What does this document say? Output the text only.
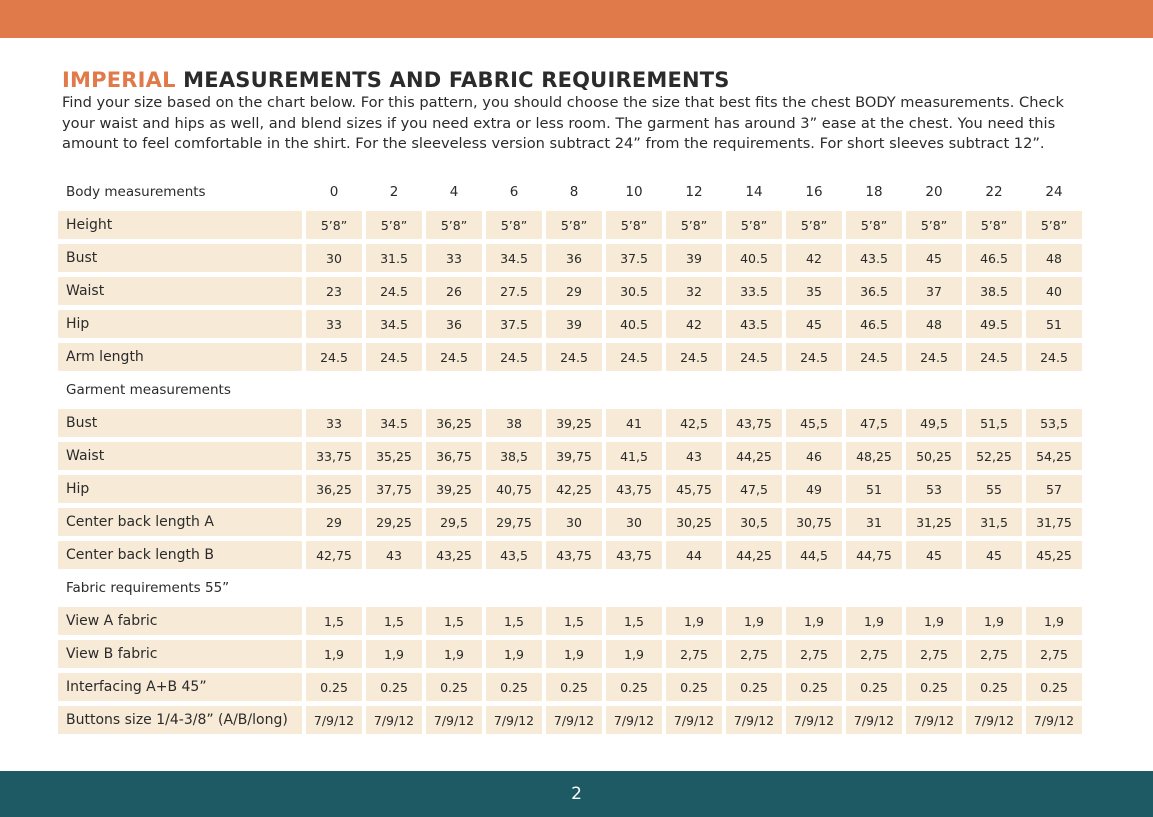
IMPERIAL MEASUREMENTS AND FABRIC REQUIREMENTS

Find your size based on the chart below. For this pattern, you should choose the size that best fits the chest BODY measurements. Check your waist and hips as well, and blend sizes if you need extra or less room. The garment has around 3” ease at the chest. You need this amount to feel comfortable in the shirt. For the sleeveless version subtract 24” from the requirements. For short sleeves subtract 12”.

Body measurements	0	2	4	6	8	10	12	14	16	18	20	22	24
Height	5’8”	5’8”	5’8”	5’8”	5’8”	5’8”	5’8”	5’8”	5’8”	5’8”	5’8”	5’8”	5’8”
Bust	30	31.5	33	34.5	36	37.5	39	40.5	42	43.5	45	46.5	48
Waist	23	24.5	26	27.5	29	30.5	32	33.5	35	36.5	37	38.5	40
Hip	33	34.5	36	37.5	39	40.5	42	43.5	45	46.5	48	49.5	51
Arm length	24.5	24.5	24.5	24.5	24.5	24.5	24.5	24.5	24.5	24.5	24.5	24.5	24.5
Garment measurements													
Bust	33	34.5	36,25	38	39,25	41	42,5	43,75	45,5	47,5	49,5	51,5	53,5
Waist	33,75	35,25	36,75	38,5	39,75	41,5	43	44,25	46	48,25	50,25	52,25	54,25
Hip	36,25	37,75	39,25	40,75	42,25	43,75	45,75	47,5	49	51	53	55	57
Center back length A	29	29,25	29,5	29,75	30	30	30,25	30,5	30,75	31	31,25	31,5	31,75
Center back length B	42,75	43	43,25	43,5	43,75	43,75	44	44,25	44,5	44,75	45	45	45,25
Fabric requirements 55”													
View A fabric	1,5	1,5	1,5	1,5	1,5	1,5	1,9	1,9	1,9	1,9	1,9	1,9	1,9
View B fabric	1,9	1,9	1,9	1,9	1,9	1,9	2,75	2,75	2,75	2,75	2,75	2,75	2,75
Interfacing A+B 45”	0.25	0.25	0.25	0.25	0.25	0.25	0.25	0.25	0.25	0.25	0.25	0.25	0.25
Buttons size 1/4-3/8” (A/B/long)	7/9/12	7/9/12	7/9/12	7/9/12	7/9/12	7/9/12	7/9/12	7/9/12	7/9/12	7/9/12	7/9/12	7/9/12	7/9/12
2
